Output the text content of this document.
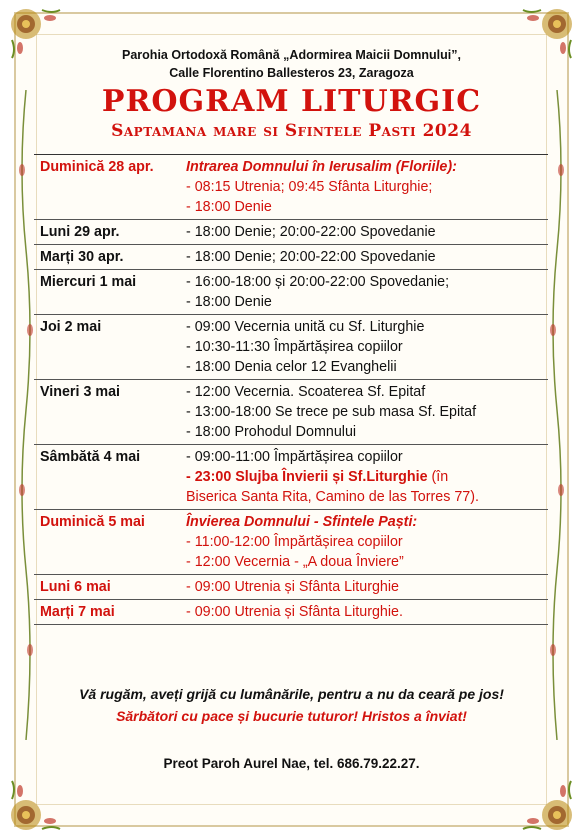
Parohia Ortodoxă Română „Adormirea Maicii Domnului”,
Calle Florentino Ballesteros 23, Zaragoza
PROGRAM LITURGIC
Saptamana mare si Sfintele Pasti 2024
Duminică 28 apr.	Intrarea Domnului în Ierusalim (Floriile):
- 08:15 Utrenia; 09:45 Sfânta Liturghie;
- 18:00 Denie

Luni 29 apr.	- 18:00 Denie; 20:00-22:00 Spovedanie

Marți 30 apr.	- 18:00 Denie; 20:00-22:00 Spovedanie

Miercuri 1 mai	- 16:00-18:00 și 20:00-22:00 Spovedanie;
- 18:00 Denie

Joi 2 mai	- 09:00 Vecernia unită cu Sf. Liturghie
- 10:30-11:30 Împărtășirea copiilor
- 18:00 Denia celor 12 Evanghelii

Vineri 3 mai	- 12:00 Vecernia. Scoaterea Sf. Epitaf
- 13:00-18:00 Se trece pe sub masa Sf. Epitaf
- 18:00 Prohodul Domnului

Sâmbătă 4 mai	- 09:00-11:00 Împărtășirea copiilor
- 23:00 Slujba Învierii și Sf.Liturghie (în
Biserica Santa Rita, Camino de las Torres 77).

Duminică 5 mai	Învierea Domnului - Sfintele Paști:
- 11:00-12:00 Împărtășirea copiilor
- 12:00 Vecernia - „A doua Înviere”

Luni 6 mai	- 09:00 Utrenia și Sfânta Liturghie

Marți 7 mai	- 09:00 Utrenia și Sfânta Liturghie.
Vă rugăm, aveți grijă cu lumânările, pentru a nu da ceară pe jos!
Sărbători cu pace și bucurie tuturor! Hristos a înviat!
Preot Paroh Aurel Nae, tel. 686.79.22.27.
